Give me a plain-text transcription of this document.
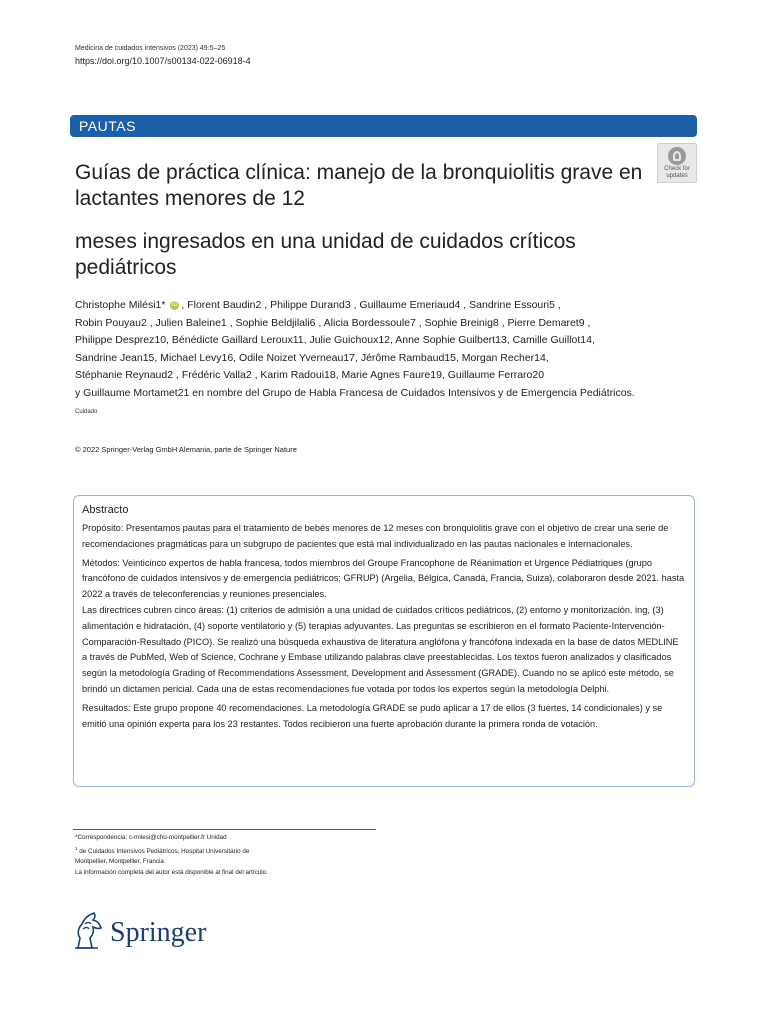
Medicina de cuidados intensivos (2023) 49:5–25
https://doi.org/10.1007/s00134-022-06918-4
PAUTAS
Check for updates
Guías de práctica clínica: manejo de la bronquiolitis grave en lactantes menores de 12
meses ingresados en una unidad de cuidados críticos pediátricos
Christophe Milési1* iD , Florent Baudin2 , Philippe Durand3 , Guillaume Emeriaud4 , Sandrine Essouri5 ,
Robin Pouyau2 , Julien Baleine1 , Sophie Beldjilali6 , Alicia Bordessoule7 , Sophie Breinig8 , Pierre Demaret9 ,
Philippe Desprez10, Bénédicte Gaillard Leroux11, Julie Guichoux12, Anne Sophie Guilbert13, Camille Guillot14,
Sandrine Jean15, Michael Levy16, Odile Noizet Yverneau17, Jérôme Rambaud15, Morgan Recher14,
Stéphanie Reynaud2 , Frédéric Valla2 , Karim Radoui18, Marie Agnes Faure19, Guillaume Ferraro20
y Guillaume Mortamet21 en nombre del Grupo de Habla Francesa de Cuidados Intensivos y de Emergencia Pediátricos.
Cuidado
© 2022 Springer-Verlag GmbH Alemania, parte de Springer Nature
Abstracto

Propósito: Presentamos pautas para el tratamiento de bebés menores de 12 meses con bronquiolitis grave con el objetivo de crear una serie de recomendaciones pragmáticas para un subgrupo de pacientes que está mal individualizado en las pautas nacionales e internacionales.

Métodos: Veinticinco expertos de habla francesa, todos miembros del Groupe Francophone de Réanimation et Urgence Pédiatriques (grupo francófono de cuidados intensivos y de emergencia pediátricos; GFRUP) (Argelia, Bélgica, Canadá, Francia, Suiza), colaboraron desde 2021. hasta 2022 a través de teleconferencias y reuniones presenciales.

Las directrices cubren cinco áreas: (1) criterios de admisión a una unidad de cuidados críticos pediátricos, (2) entorno y monitorización. ing, (3) alimentación e hidratación, (4) soporte ventilatorio y (5) terapias adyuvantes. Las preguntas se escribieron en el formato Paciente-Intervención-Comparación-Resultado (PICO). Se realizó una búsqueda exhaustiva de literatura anglófona y francófona indexada en la base de datos MEDLINE a través de PubMed, Web of Science, Cochrane y Embase utilizando palabras clave preestablecidas. Los textos fueron analizados y clasificados según la metodología Grading of Recommendations Assessment, Development and Assessment (GRADE). Cuando no se aplicó este método, se brindó un dictamen pericial. Cada una de estas recomendaciones fue votada por todos los expertos según la metodología Delphi.

Resultados: Este grupo propone 40 recomendaciones. La metodología GRADE se pudo aplicar a 17 de ellos (3 fuertes, 14 condicionales) y se emitió una opinión experta para los 23 restantes. Todos recibieron una fuerte aprobación durante la primera ronda de votación.

*Correspondencia: c-milesi@chu-montpellier.fr Unidad
$^1$ de Cuidados Intensivos Pediátricos, Hospital Universitario de
Montpellier, Montpellier, Francia
La información completa del autor está disponible al final del artículo.
Springer
